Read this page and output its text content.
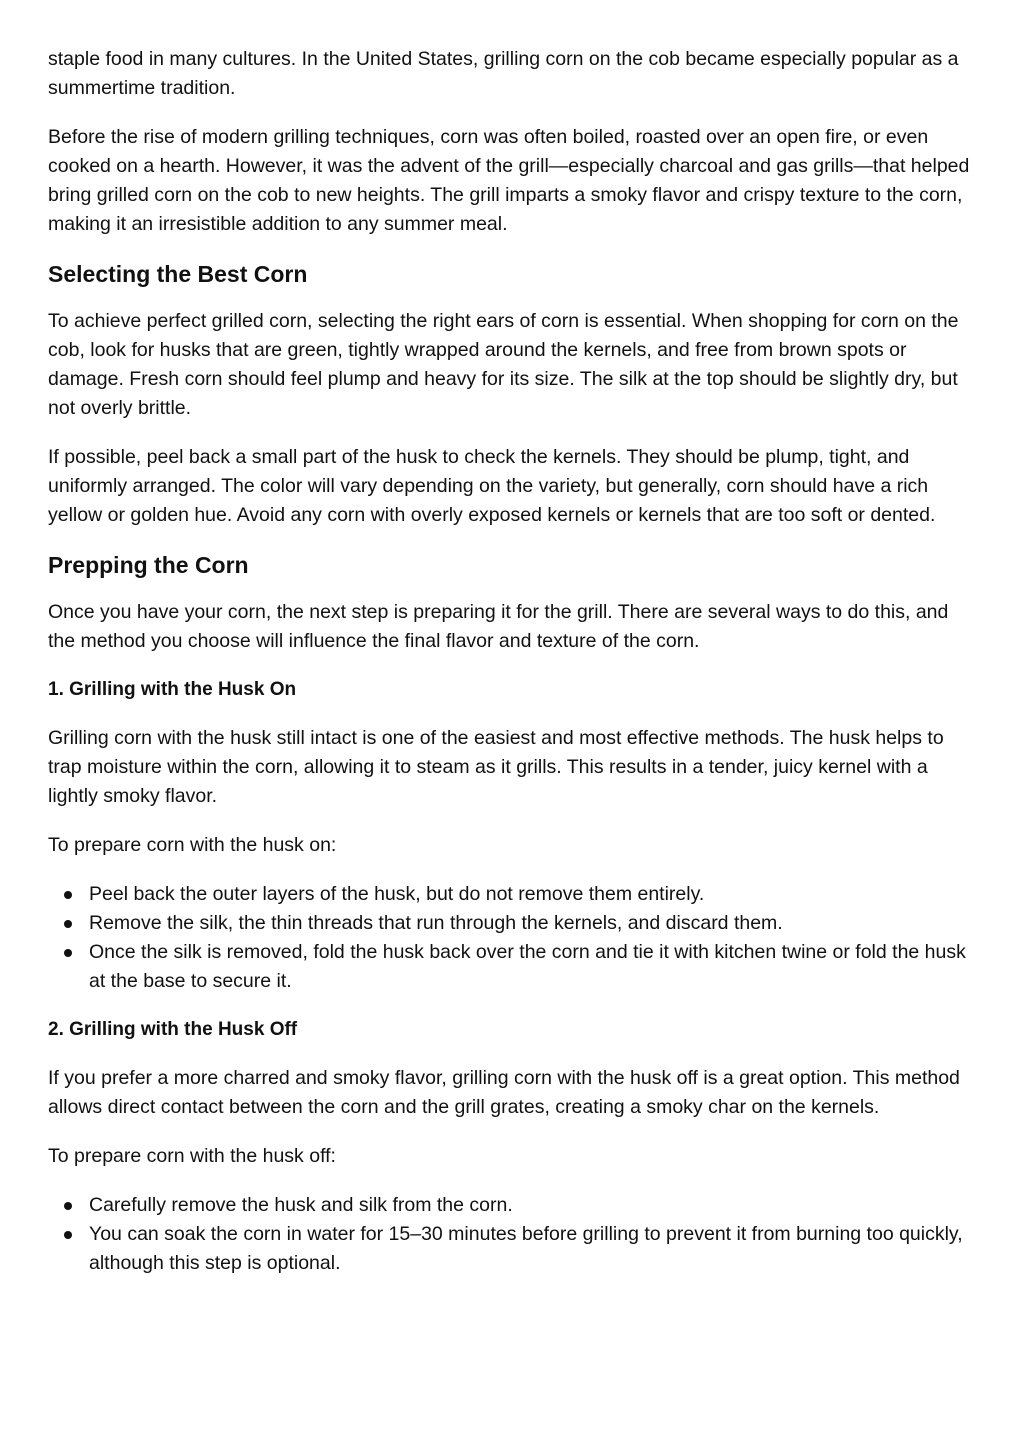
staple food in many cultures. In the United States, grilling corn on the cob became especially popular as a summertime tradition.

Before the rise of modern grilling techniques, corn was often boiled, roasted over an open fire, or even cooked on a hearth. However, it was the advent of the grill—especially charcoal and gas grills—that helped bring grilled corn on the cob to new heights. The grill imparts a smoky flavor and crispy texture to the corn, making it an irresistible addition to any summer meal.

Selecting the Best Corn

To achieve perfect grilled corn, selecting the right ears of corn is essential. When shopping for corn on the cob, look for husks that are green, tightly wrapped around the kernels, and free from brown spots or damage. Fresh corn should feel plump and heavy for its size. The silk at the top should be slightly dry, but not overly brittle.

If possible, peel back a small part of the husk to check the kernels. They should be plump, tight, and uniformly arranged. The color will vary depending on the variety, but generally, corn should have a rich yellow or golden hue. Avoid any corn with overly exposed kernels or kernels that are too soft or dented.

Prepping the Corn

Once you have your corn, the next step is preparing it for the grill. There are several ways to do this, and the method you choose will influence the final flavor and texture of the corn.

1. Grilling with the Husk On

Grilling corn with the husk still intact is one of the easiest and most effective methods. The husk helps to trap moisture within the corn, allowing it to steam as it grills. This results in a tender, juicy kernel with a lightly smoky flavor.

To prepare corn with the husk on:

Peel back the outer layers of the husk, but do not remove them entirely.
Remove the silk, the thin threads that run through the kernels, and discard them.
Once the silk is removed, fold the husk back over the corn and tie it with kitchen twine or fold the husk at the base to secure it.
2. Grilling with the Husk Off

If you prefer a more charred and smoky flavor, grilling corn with the husk off is a great option. This method allows direct contact between the corn and the grill grates, creating a smoky char on the kernels.

To prepare corn with the husk off:

Carefully remove the husk and silk from the corn.
You can soak the corn in water for 15–30 minutes before grilling to prevent it from burning too quickly, although this step is optional.
